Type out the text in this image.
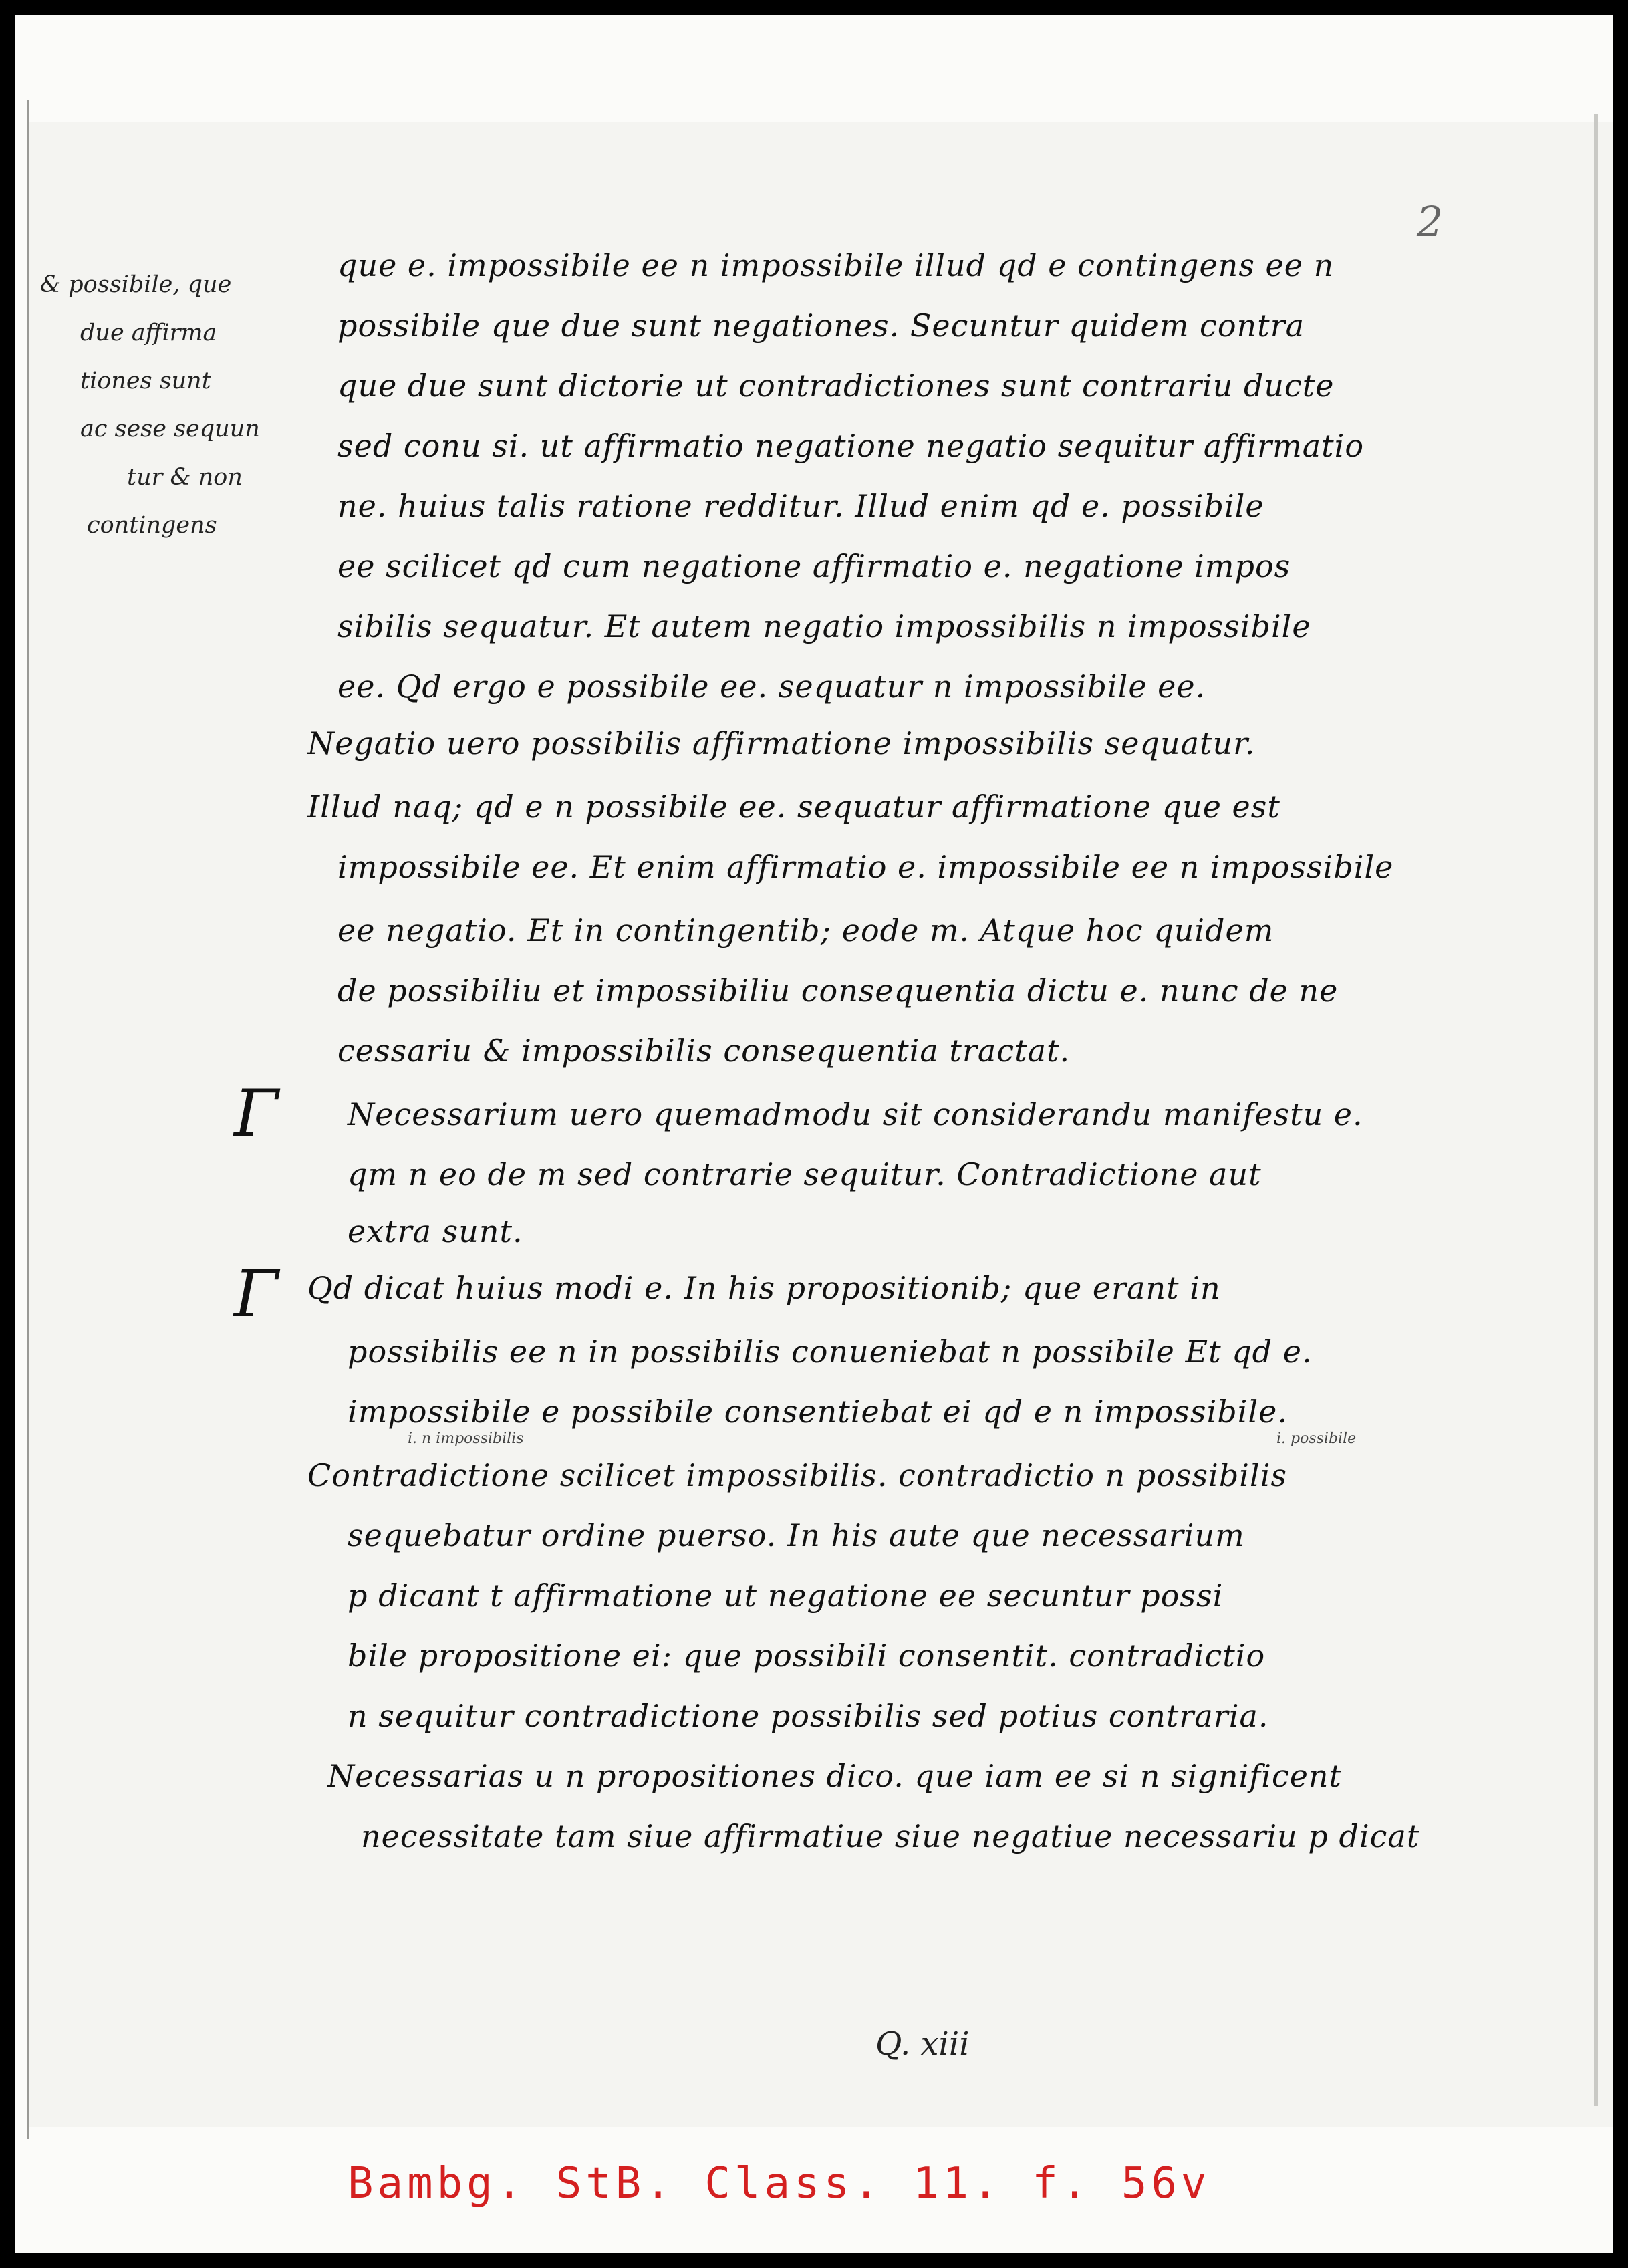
2
& possibile, que
due affirma
tiones sunt
ac sese sequun
tur & non
contingens
que e. impossibile ee n impossibile illud qd e contingens ee n
possibile que due sunt negationes. Secuntur quidem contra
que due sunt dictorie ut contradictiones sunt contrariu ducte
sed conu si. ut affirmatio negatione negatio sequitur affirmatio
ne. huius talis ratione redditur. Illud enim qd e. possibile
ee scilicet qd cum negatione affirmatio e. negatione impos
sibilis sequatur. Et autem negatio impossibilis n impossibile
ee. Qd ergo e possibile ee. sequatur n impossibile ee.
Negatio uero possibilis affirmatione impossibilis sequatur.
Illud naq; qd e n possibile ee. sequatur affirmatione que est
impossibile ee. Et enim affirmatio e. impossibile ee n impossibile
ee negatio. Et in contingentib; eode m. Atque hoc quidem
de possibiliu et impossibiliu consequentia dictu e. nunc de ne
cessariu & impossibilis consequentia tractat.
Γ Necessarium uero quemadmodu sit considerandu manifestu e.
qm n eo de m sed contrarie sequitur. Contradictione aut
extra sunt.
Γ Qd dicat huius modi e. In his propositionib; que erant in
possibilis ee n in possibilis conueniebat n possibile Et qd e.
impossibile e possibile consentiebat ei qd e n impossibile.
i. n impossibilis	i. possibile
Contradictione scilicet impossibilis. contradictio n possibilis
sequebatur ordine puerso. In his aute que necessarium
p dicant t affirmatione ut negatione ee secuntur possi
bile propositione ei: que possibili consentit. contradictio
n sequitur contradictione possibilis sed potius contraria.
Necessarias u n propositiones dico. que iam ee si n significent
necessitate tam siue affirmatiue siue negatiue necessariu p dicat
Q. xiii
Bambg. StB. Class. 11. f. 56v
